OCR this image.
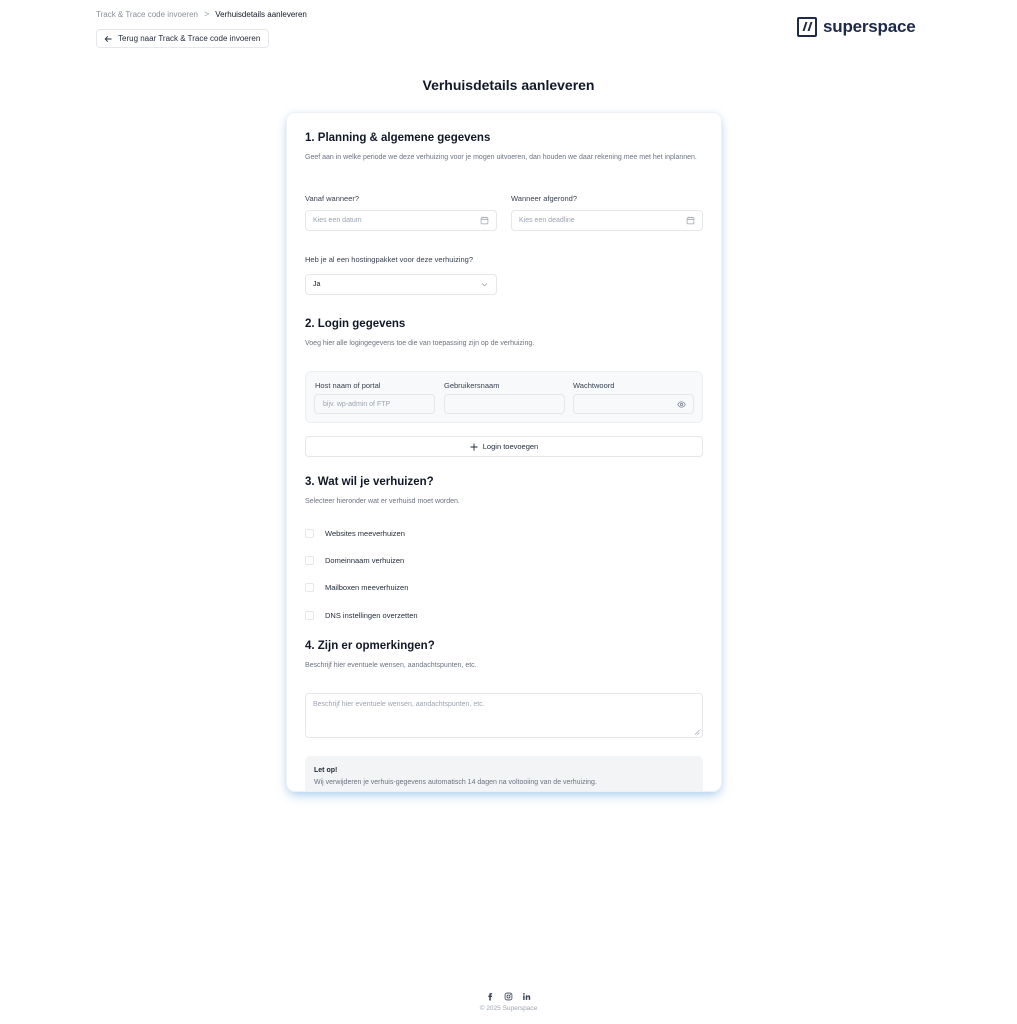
Track & Trace code invoeren > Verhuisdetails aanleveren
Terug naar Track & Trace code invoeren
superspace
Verhuisdetails aanleveren
1. Planning & algemene gegevens
Geef aan in welke periode we deze verhuizing voor je mogen uitvoeren, dan houden we daar rekening mee met het inplannen.
Vanaf wanneer?
Kies een datum
Wanneer afgerond?
Kies een deadline
Heb je al een hostingpakket voor deze verhuizing?
Ja
2. Login gegevens
Voeg hier alle logingegevens toe die van toepassing zijn op de verhuizing.
Host naam of portal	Gebruikersnaam	Wachtwoord
bijv. wp-admin of FTP
Login toevoegen
3. Wat wil je verhuizen?
Selecteer hieronder wat er verhuisd moet worden.
Websites meeverhuizen
Domeinnaam verhuizen
Mailboxen meeverhuizen
DNS instellingen overzetten
4. Zijn er opmerkingen?
Beschrijf hier eventuele wensen, aandachtspunten, etc.
Beschrijf hier eventuele wensen, aandachtspunten, etc.
Let op!
Wij verwijderen je verhuis-gegevens automatisch 14 dagen na voltooiing van de verhuizing.
© 2025 Superspace
